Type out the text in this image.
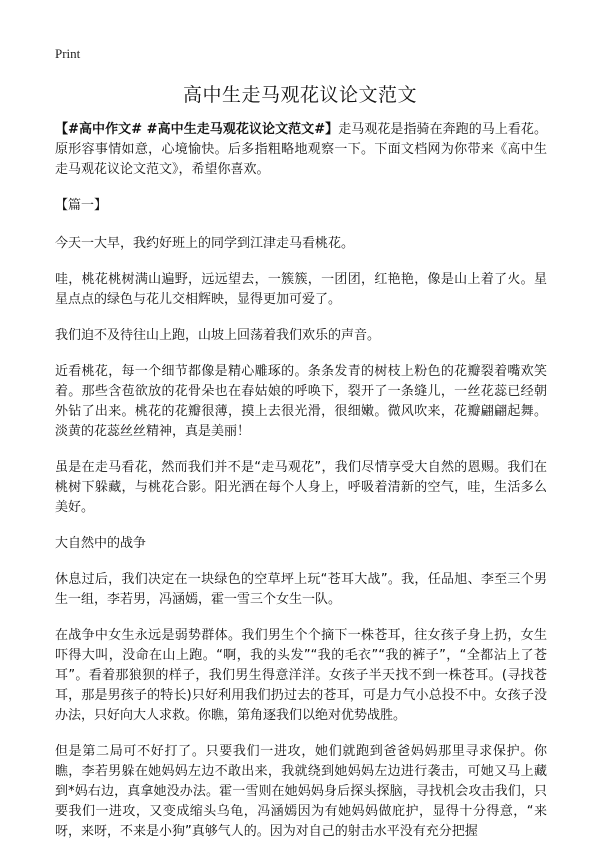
Print
高中生走马观花议论文范文

【#高中作文# #高中生走马观花议论文范文#】走马观花是指骑在奔跑的马上看花。原形容事情如意，心境愉快。后多指粗略地观察一下。下面文档网为你带来《高中生走马观花议论文范文》，希望你喜欢。

【篇一】

今天一大早，我约好班上的同学到江津走马看桃花。

哇，桃花桃树满山遍野，远远望去，一簇簇，一团团，红艳艳，像是山上着了火。星星点点的绿色与花儿交相辉映，显得更加可爱了。

我们迫不及待往山上跑，山坡上回荡着我们欢乐的声音。

近看桃花，每一个细节都像是精心雕琢的。条条发青的树枝上粉色的花瓣裂着嘴欢笑着。那些含苞欲放的花骨朵也在春姑娘的呼唤下，裂开了一条缝儿，一丝花蕊已经朝外钻了出来。桃花的花瓣很薄，摸上去很光滑，很细嫩。微风吹来，花瓣翩翩起舞。淡黄的花蕊丝丝精神，真是美丽！

虽是在走马看花，然而我们并不是“走马观花”，我们尽情享受大自然的恩赐。我们在桃树下躲藏，与桃花合影。阳光洒在每个人身上，呼吸着清新的空气，哇，生活多么美好。

大自然中的战争

休息过后，我们决定在一块绿色的空草坪上玩“苍耳大战”。我，任品旭、李至三个男生一组，李若男，冯涵嫣，霍一雪三个女生一队。

在战争中女生永远是弱势群体。我们男生个个摘下一株苍耳，往女孩子身上扔，女生吓得大叫，没命在山上跑。“啊，我的头发”“我的毛衣”“我的裤子”，“全都沾上了苍耳”。看着那狼狈的样子，我们男生得意洋洋。女孩子半天找不到一株苍耳。(寻找苍耳，那是男孩子的特长)只好利用我们扔过去的苍耳，可是力气小总投不中。女孩子没办法，只好向大人求救。你瞧，第角逐我们以绝对优势战胜。

但是第二局可不好打了。只要我们一进攻，她们就跑到爸爸妈妈那里寻求保护。你瞧，李若男躲在她妈妈左边不敢出来，我就绕到她妈妈左边进行袭击，可她又马上藏到*妈右边，真拿她没办法。霍一雪则在她妈妈身后探头探脑，寻找机会攻击我们，只要我们一进攻，又变成缩头乌龟，冯涵嫣因为有她妈妈做庇护，显得十分得意，“来呀，来呀，不来是小狗”真够气人的。因为对自己的射击水平没有充分把握
